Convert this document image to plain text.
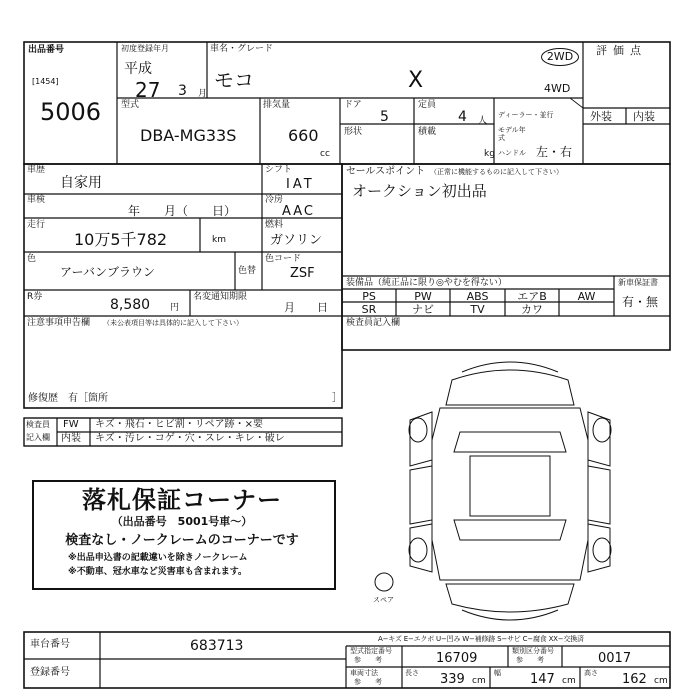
出品番号
[1454]
5006
初度登録年月
平成
27 3 月
車名・グレード
モコ	X
2WD
4WD
評価点
外装 内装
型式
DBA-MG33S
排気量
660
cc
ドア
5
定員
4 人
ディーラー・並行
形状	積載
kg
モデル年式
ハンドル 左・右
車歴
自家用
シフト
IAT
車検
年　　月（　　日）
冷房
AAC
走行
10万5千782	km
燃料
ガソリン
色
アーバンブラウン	色替
色コード
ZSF
R券	8,580 円
名変通知期限
月　　日
注意事項申告欄 （未公表項目等は具体的に記入して下さい）
修復歴 有［箇所	］
セールスポイント （正常に機能するものに記入して下さい）
オークション初出品
装備品（純正品に限り◎やむを得ない）	新車保証書
有・無
PS	PW	ABS	エアB	AW
SR	ナビ	TV	カワ
検査員記入欄
検査員
記入欄
FW キズ・飛石・ヒビ割・リペア跡・×要
内装 キズ・汚レ・コゲ・穴・スレ・キレ・破レ
落札保証コーナー
（出品番号　5001号車〜）
検査なし・ノークレームのコーナーです
※出品申込書の記載違いを除きノークレーム
※不動車、冠水車など災害車も含まれます。
スペア
A−キズ E−エクボ U−凹み W−補修跡 S−サビ C−腐食 XX−交換済
車台番号	683713
登録番号
型式指定番号
参　　考	16709	類別区分番号
参　　考	0017
車両寸法
参　　考
長さ 339 cm
幅 147 cm
高さ 162 cm
